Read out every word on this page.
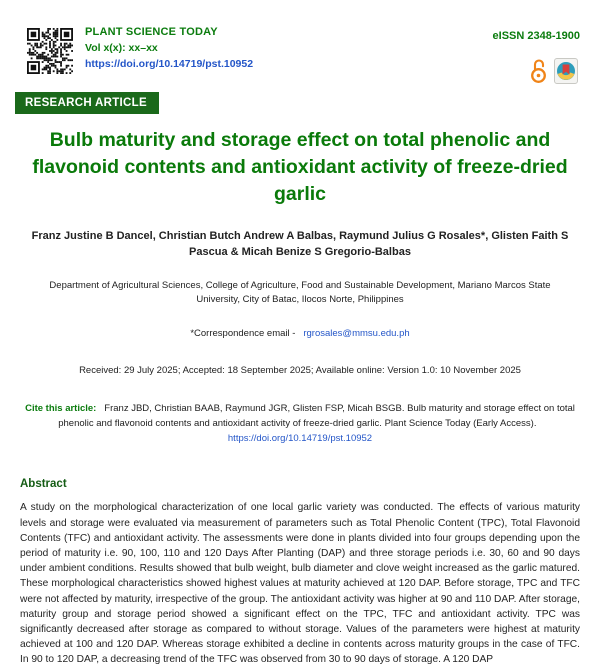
PLANT SCIENCE TODAY
Vol x(x): xx–xx
https://doi.org/10.14719/pst.10952
eISSN 2348-1900
RESEARCH ARTICLE
Bulb maturity and storage effect on total phenolic and flavonoid contents and antioxidant activity of freeze-dried garlic
Franz Justine B Dancel, Christian Butch Andrew A Balbas, Raymund Julius G Rosales*, Glisten Faith S Pascua & Micah Benize S Gregorio-Balbas
Department of Agricultural Sciences, College of Agriculture, Food and Sustainable Development, Mariano Marcos State University, City of Batac, Ilocos Norte, Philippines
*Correspondence email - rgrosales@mmsu.edu.ph
Received: 29 July 2025; Accepted: 18 September 2025; Available online: Version 1.0: 10 November 2025
Cite this article: Franz JBD, Christian BAAB, Raymund JGR, Glisten FSP, Micah BSGB. Bulb maturity and storage effect on total phenolic and flavonoid contents and antioxidant activity of freeze-dried garlic. Plant Science Today (Early Access).   https://doi.org/10.14719/pst.10952
Abstract
A study on the morphological characterization of one local garlic variety was conducted. The effects of various maturity levels and storage were evaluated via measurement of parameters such as Total Phenolic Content (TPC), Total Flavonoid Contents (TFC) and antioxidant activity. The assessments were done in plants divided into four groups depending upon the period of maturity i.e. 90, 100, 110 and 120 Days After Planting (DAP) and three storage periods i.e. 30, 60 and 90 days under ambient conditions. Results showed that bulb weight, bulb diameter and clove weight increased as the garlic matured. These morphological characteristics showed highest values at maturity achieved at 120 DAP. Before storage, TPC and TFC were not affected by maturity, irrespective of the group. The antioxidant activity was higher at 90 and 110 DAP. After storage, maturity group and storage period showed a significant effect on the TPC, TFC and antioxidant activity. TPC was significantly decreased after storage as compared to without storage. Values of the parameters were highest at maturity achieved at 100 and 120 DAP. Whereas storage exhibited a decline in contents across maturity groups in the case of TFC. In 90 to 120 DAP, a decreasing trend of the TFC was observed from 30 to 90 days of storage. A 120 DAP
